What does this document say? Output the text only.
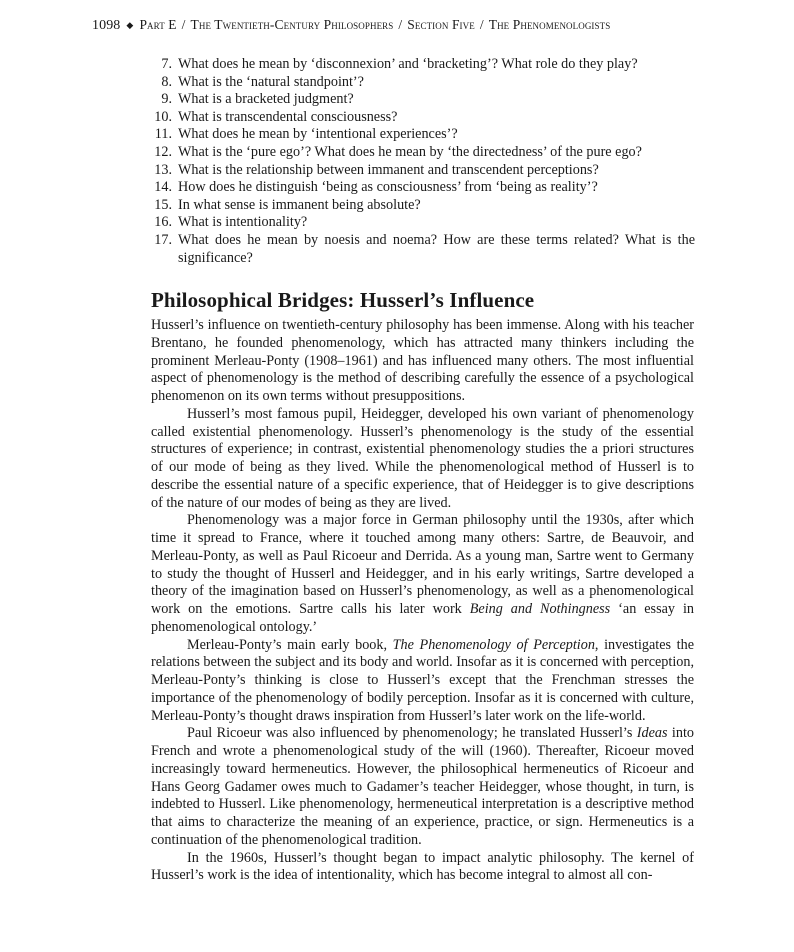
1098 ◆ Part E / The Twentieth-Century Philosophers / Section Five / The Phenomenologists
7. What does he mean by ‘disconnexion’ and ‘bracketing’? What role do they play?
8. What is the ‘natural standpoint’?
9. What is a bracketed judgment?
10. What is transcendental consciousness?
11. What does he mean by ‘intentional experiences’?
12. What is the ‘pure ego’? What does he mean by ‘the directedness’ of the pure ego?
13. What is the relationship between immanent and transcendent perceptions?
14. How does he distinguish ‘being as consciousness’ from ‘being as reality’?
15. In what sense is immanent being absolute?
16. What is intentionality?
17. What does he mean by noesis and noema? How are these terms related? What is the significance?
Philosophical Bridges: Husserl’s Influence

Husserl’s influence on twentieth-century philosophy has been immense. Along with his teacher Brentano, he founded phenomenology, which has attracted many thinkers including the prominent Merleau-Ponty (1908–1961) and has influenced many others. The most influential aspect of phenomenology is the method of describing carefully the essence of a psychological phenomenon on its own terms without presuppositions.

Husserl’s most famous pupil, Heidegger, developed his own variant of phenomenology called existential phenomenology. Husserl’s phenomenology is the study of the essential structures of experience; in contrast, existential phenomenology studies the a priori structures of our mode of being as they lived. While the phenomenological method of Husserl is to describe the essential nature of a specific experience, that of Heidegger is to give descriptions of the nature of our modes of being as they are lived.

Phenomenology was a major force in German philosophy until the 1930s, after which time it spread to France, where it touched among many others: Sartre, de Beauvoir, and Merleau-Ponty, as well as Paul Ricoeur and Derrida. As a young man, Sartre went to Germany to study the thought of Husserl and Heidegger, and in his early writings, Sartre developed a theory of the imagination based on Husserl’s phenomenology, as well as a phenomenological work on the emotions. Sartre calls his later work Being and Nothingness ‘an essay in phenomenological ontology.’

Merleau-Ponty’s main early book, The Phenomenology of Perception, investigates the relations between the subject and its body and world. Insofar as it is concerned with perception, Merleau-Ponty’s thinking is close to Husserl’s except that the Frenchman stresses the importance of the phenomenology of bodily perception. Insofar as it is concerned with culture, Merleau-Ponty’s thought draws inspiration from Husserl’s later work on the life-world.

Paul Ricoeur was also influenced by phenomenology; he translated Husserl’s Ideas into French and wrote a phenomenological study of the will (1960). Thereafter, Ricoeur moved increasingly toward hermeneutics. However, the philosophical hermeneutics of Ricoeur and Hans Georg Gadamer owes much to Gadamer’s teacher Heidegger, whose thought, in turn, is indebted to Husserl. Like phenomenology, hermeneutical interpretation is a descriptive method that aims to characterize the meaning of an experience, practice, or sign. Hermeneutics is a continuation of the phenomenological tradition.

In the 1960s, Husserl’s thought began to impact analytic philosophy. The kernel of Husserl’s work is the idea of intentionality, which has become integral to almost all con-
